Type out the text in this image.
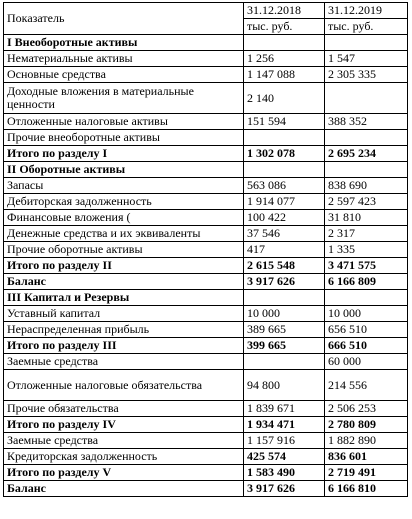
Показатель	31.12.2018	31.12.2019
	тыс. руб.	тыс. руб.
I Внеоборотные активы		
Нематериальные активы	1 256	1 547
Основные средства	1 147 088	2 305 335
Доходные вложения в материальные ценности	2 140	
Отложенные налоговые активы	151 594	388 352
Прочие внеоборотные активы		
Итого по разделу I	1 302 078	2 695 234
II Оборотные активы		
Запасы	563 086	838 690
Дебиторская задолженность	1 914 077	2 597 423
Финансовые вложения (	100 422	31 810
Денежные средства и их эквиваленты	37 546	2 317
Прочие оборотные активы	417	1 335
Итого по разделу II	2 615 548	3 471 575
Баланс	3 917 626	6 166 809
III Капитал и Резервы		
Уставный капитал	10 000	10 000
Нераспределенная прибыль	389 665	656 510
Итого по разделу III	399 665	666 510
Заемные средства		60 000
Отложенные налоговые обязательства	94 800	214 556
Прочие обязательства	1 839 671	2 506 253
Итого по разделу IV	1 934 471	2 780 809
Заемные средства	1 157 916	1 882 890
Кредиторская задолженность	425 574	836 601
Итого по разделу V	1 583 490	2 719 491
Баланс	3 917 626	6 166 810
